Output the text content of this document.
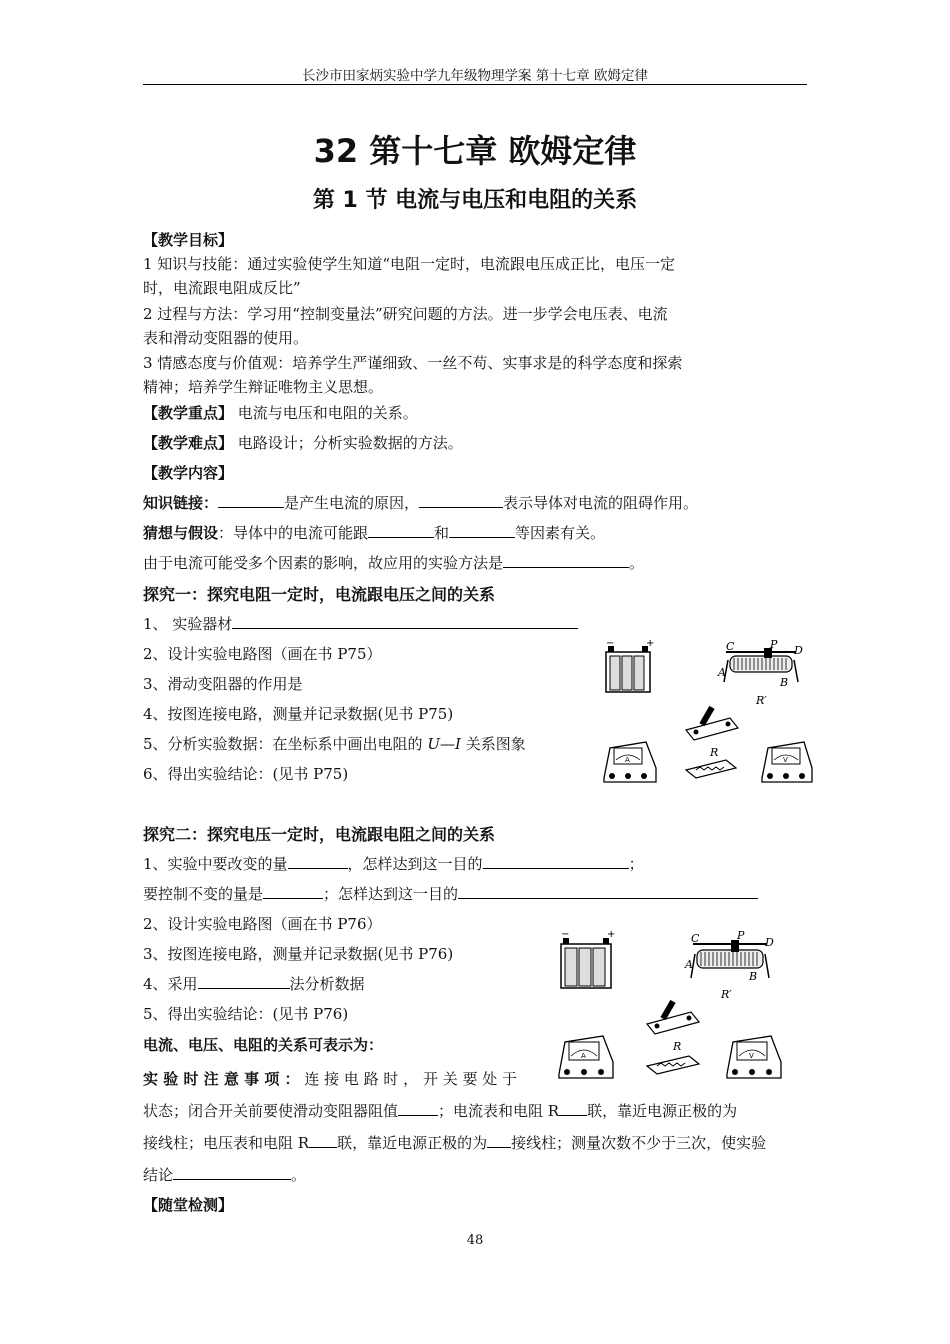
长沙市田家炳实验中学九年级物理学案 第十七章 欧姆定律
32 第十七章 欧姆定律
第 1 节 电流与电压和电阻的关系
【教学目标】
1 知识与技能：通过实验使学生知道“电阻一定时，电流跟电压成正比，电压一定
时，电流跟电阻成反比”
2 过程与方法：学习用“控制变量法”研究问题的方法。进一步学会电压表、电流
表和滑动变阻器的使用。
3 情感态度与价值观：培养学生严谨细致、一丝不苟、实事求是的科学态度和探索
精神；培养学生辩证唯物主义思想。
【教学重点】 电流与电压和电阻的关系。
【教学难点】 电路设计；分析实验数据的方法。
【教学内容】
知识链接：	是产生电流的原因，	表示导体对电流的阻碍作用。
猜想与假设：导体中的电流可能跟	和	等因素有关。
由于电流可能受多个因素的影响，故应用的实验方法是	。
探究一：探究电阻一定时，电流跟电压之间的关系
1、 实验器材
2、设计实验电路图（画在书 P75）
3、滑动变阻器的作用是
4、按图连接电路，测量并记录数据(见书 P75)
5、分析实验数据：在坐标系中画出电阻的 U—I 关系图象
6、得出实验结论：(见书 P75)
−	+	C	P D
A
B
R′
A
R
V
探究二：探究电压一定时，电流跟电阻之间的关系
1、实验中要改变的量	，怎样达到这一目的	；
要控制不变的量是	；怎样达到这一目的
2、设计实验电路图（画在书 P76）
3、按图连接电路，测量并记录数据(见书 P76)
4、采用	法分析数据
5、得出实验结论：(见书 P76)
电流、电压、电阻的关系可表示为：
−	+	C	P
D
A
B
R′
A
R
V
实 验 时 注 意 事 项 ： 连 接 电 路 时 ， 开 关 要 处 于
状态；闭合开关前要使滑动变阻器阻值	；电流表和电阻 R 联，靠近电源正极的为
接线柱；电压表和电阻 R 联，靠近电源正极的为 接线柱；测量次数不少于三次，使实验
结论	。
【随堂检测】
48
